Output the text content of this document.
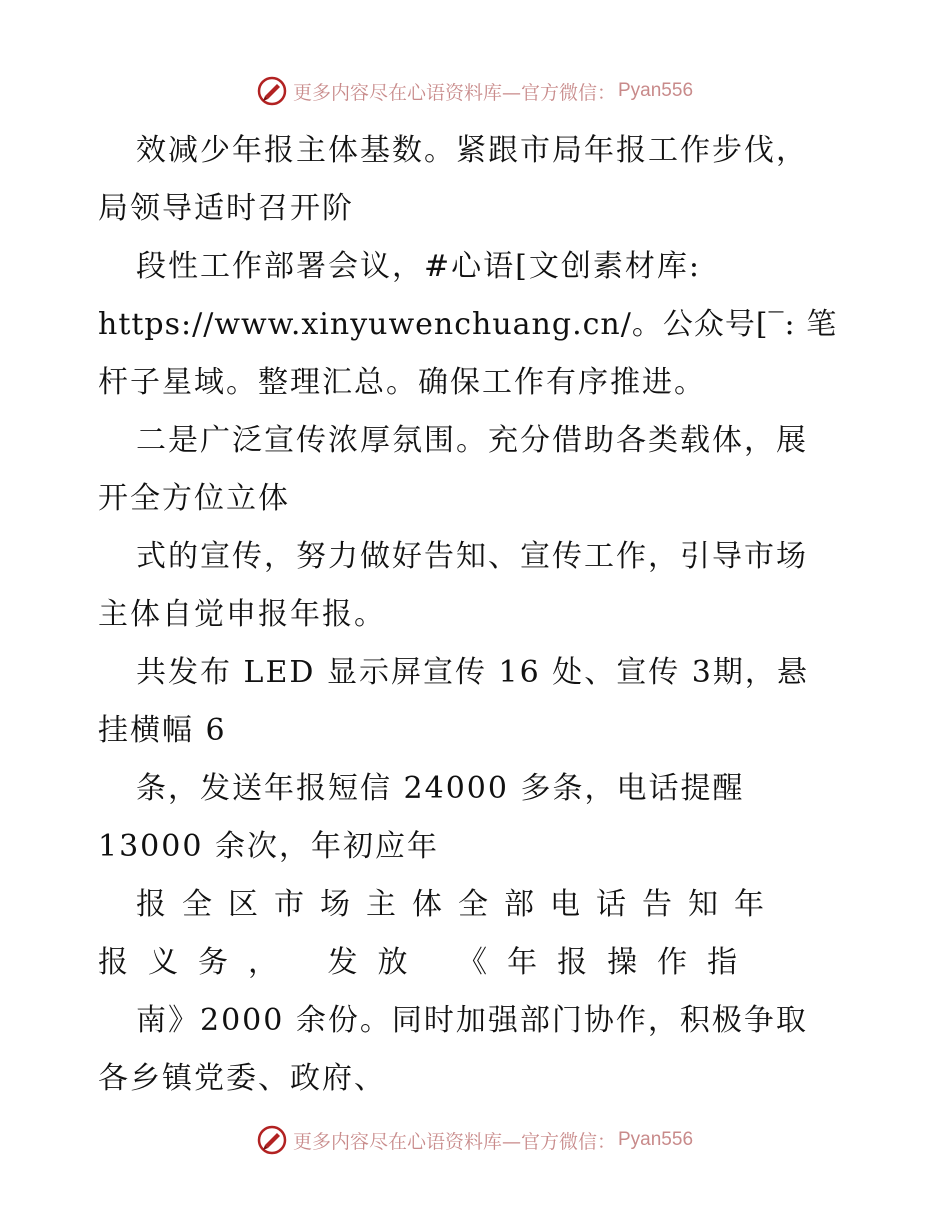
更多内容尽在心语资料库—官方微信： Pyan556
效减少年报主体基数。紧跟市局年报工作步伐，
局领导适时召开阶
段性工作部署会议，#心语[文创素材库:
https://www.xinyuwenchuang.cn/。公众号[‾: 笔
杆子星域。整理汇总。确保工作有序推进。
二是广泛宣传浓厚氛围。充分借助各类载体，展
开全方位立体
式的宣传，努力做好告知、宣传工作，引导市场
主体自觉申报年报。
共发布 LED 显示屏宣传 16 处、宣传 3期，悬
挂横幅 6
条，发送年报短信 24000 多条，电话提醒
13000 余次，年初应年
报全区市场主体全部电话告知年
报义务， 发放 《年报操作指
南》2000 余份。同时加强部门协作，积极争取
各乡镇党委、政府、
更多内容尽在心语资料库—官方微信： Pyan556
